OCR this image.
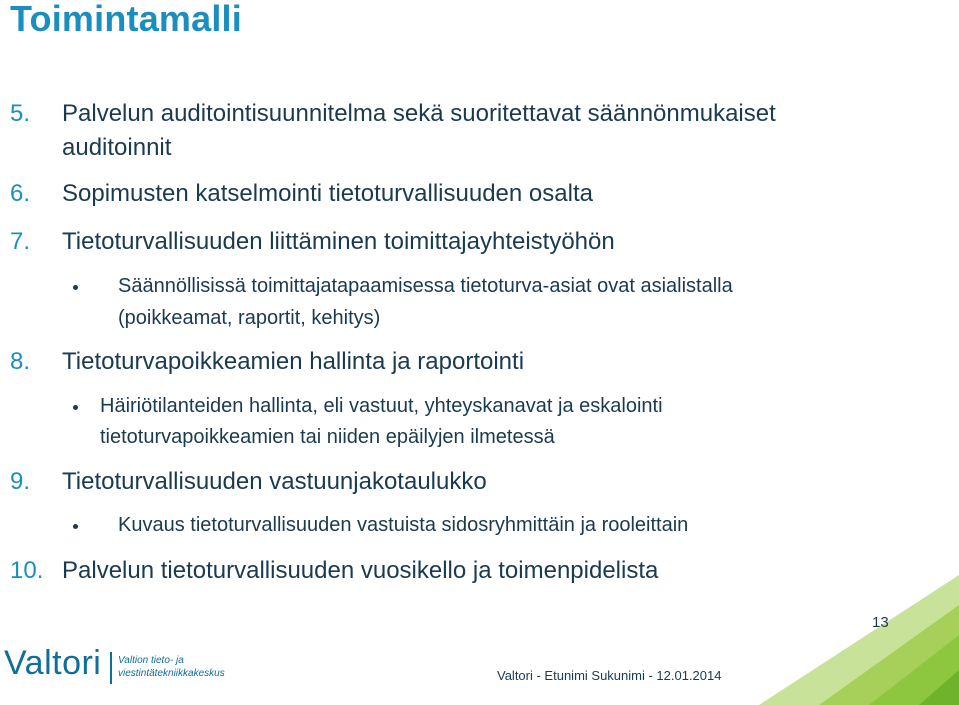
Toimintamalli
5. Palvelun auditointisuunnitelma sekä suoritettavat säännönmukaiset
auditoinnit
6. Sopimusten katselmointi tietoturvallisuuden osalta
7. Tietoturvallisuuden liittäminen toimittajayhteistyöhön
Säännöllisissä toimittajatapaamisessa tietoturva-asiat ovat asialistalla
(poikkeamat, raportit, kehitys)
8. Tietoturvapoikkeamien hallinta ja raportointi
Häiriötilanteiden hallinta, eli vastuut, yhteyskanavat ja eskalointi
tietoturvapoikkeamien tai niiden epäilyjen ilmetessä
9. Tietoturvallisuuden vastuunjakotaulukko
Kuvaus tietoturvallisuuden vastuista sidosryhmittäin ja rooleittain
10. Palvelun tietoturvallisuuden vuosikello ja toimenpidelista
13
Valtori Valtion tieto- ja
viestintätekniikkakeskus	Valtori - Etunimi Sukunimi - 12.01.2014
